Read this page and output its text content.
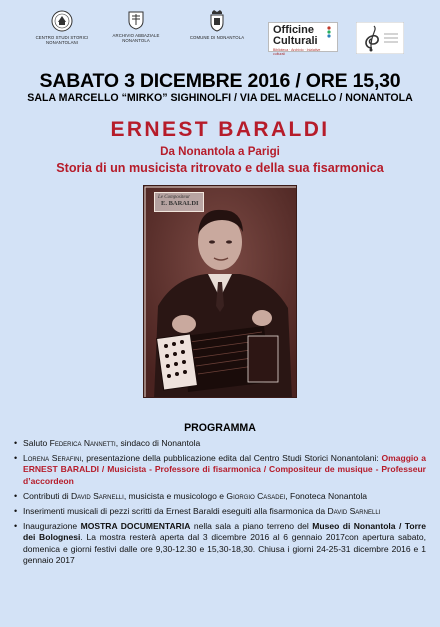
CENTRO STUDI STORICI NONANTOLANI
ARCHIVIO ABBAZIALE NONANTOLA
COMUNE DI NONANTOLA
Officine
Culturali
Biblioteca · Archivio · Iniziative culturali
SABATO 3 DICEMBRE 2016 / ORE 15,30
SALA MARCELLO “MIRKO” SIGHINOLFI / VIA DEL MACELLO / NONANTOLA
ERNEST BARALDI
Da Nonantola a Parigi
Storia di un musicista ritrovato e della sua fisarmonica
Le Compositeur
E. BARALDI
PROGRAMMA
• Saluto Federica Nannetti, sindaco di Nonantola
• Lorena Serafini, presentazione della pubblicazione edita dal Centro Studi Storici Nonantolani: Omaggio a ERNEST BARALDI / Musicista - Professore di fisarmonica / Compositeur de musique - Professeur d’accordeon
• Contributi di David Sarnelli, musicista e musicologo e Giorgio Casadei, Fonoteca Nonantola
• Inserimenti musicali di pezzi scritti da Ernest Baraldi eseguiti alla fisarmonica da David Sarnelli
• Inaugurazione MOSTRA DOCUMENTARIA nella sala a piano terreno del Museo di Nonantola / Torre dei Bolognesi. La mostra resterà aperta dal 3 dicembre 2016 al 6 gennaio 2017con apertura sabato, domenica e giorni festivi dalle ore 9,30-12.30 e 15,30-18,30. Chiusa i giorni 24-25-31 dicembre 2016 e 1 gennaio 2017
